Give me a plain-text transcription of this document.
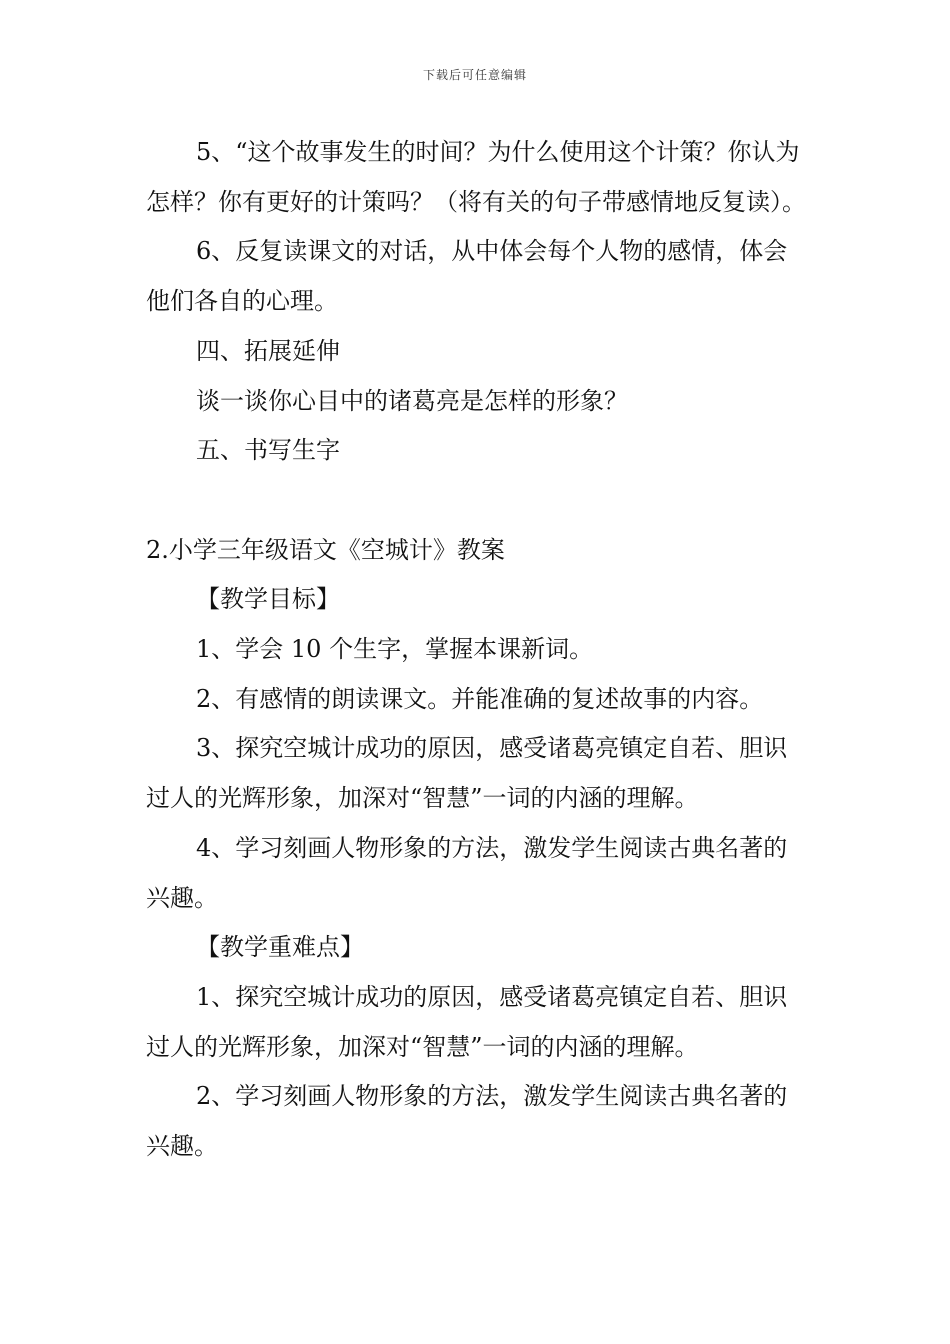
下载后可任意编辑

5、“这个故事发生的时间？为什么使用这个计策？你认为怎样？你有更好的计策吗？（将有关的句子带感情地反复读）。

6、反复读课文的对话，从中体会每个人物的感情，体会他们各自的心理。

四、拓展延伸

谈一谈你心目中的诸葛亮是怎样的形象？

五、书写生字

2.小学三年级语文《空城计》教案

【教学目标】

1、学会 10 个生字，掌握本课新词。

2、有感情的朗读课文。并能准确的复述故事的内容。

3、探究空城计成功的原因，感受诸葛亮镇定自若、胆识过人的光辉形象，加深对“智慧”一词的内涵的理解。

4、学习刻画人物形象的方法，激发学生阅读古典名著的兴趣。

【教学重难点】

1、探究空城计成功的原因，感受诸葛亮镇定自若、胆识过人的光辉形象，加深对“智慧”一词的内涵的理解。

2、学习刻画人物形象的方法，激发学生阅读古典名著的兴趣。
